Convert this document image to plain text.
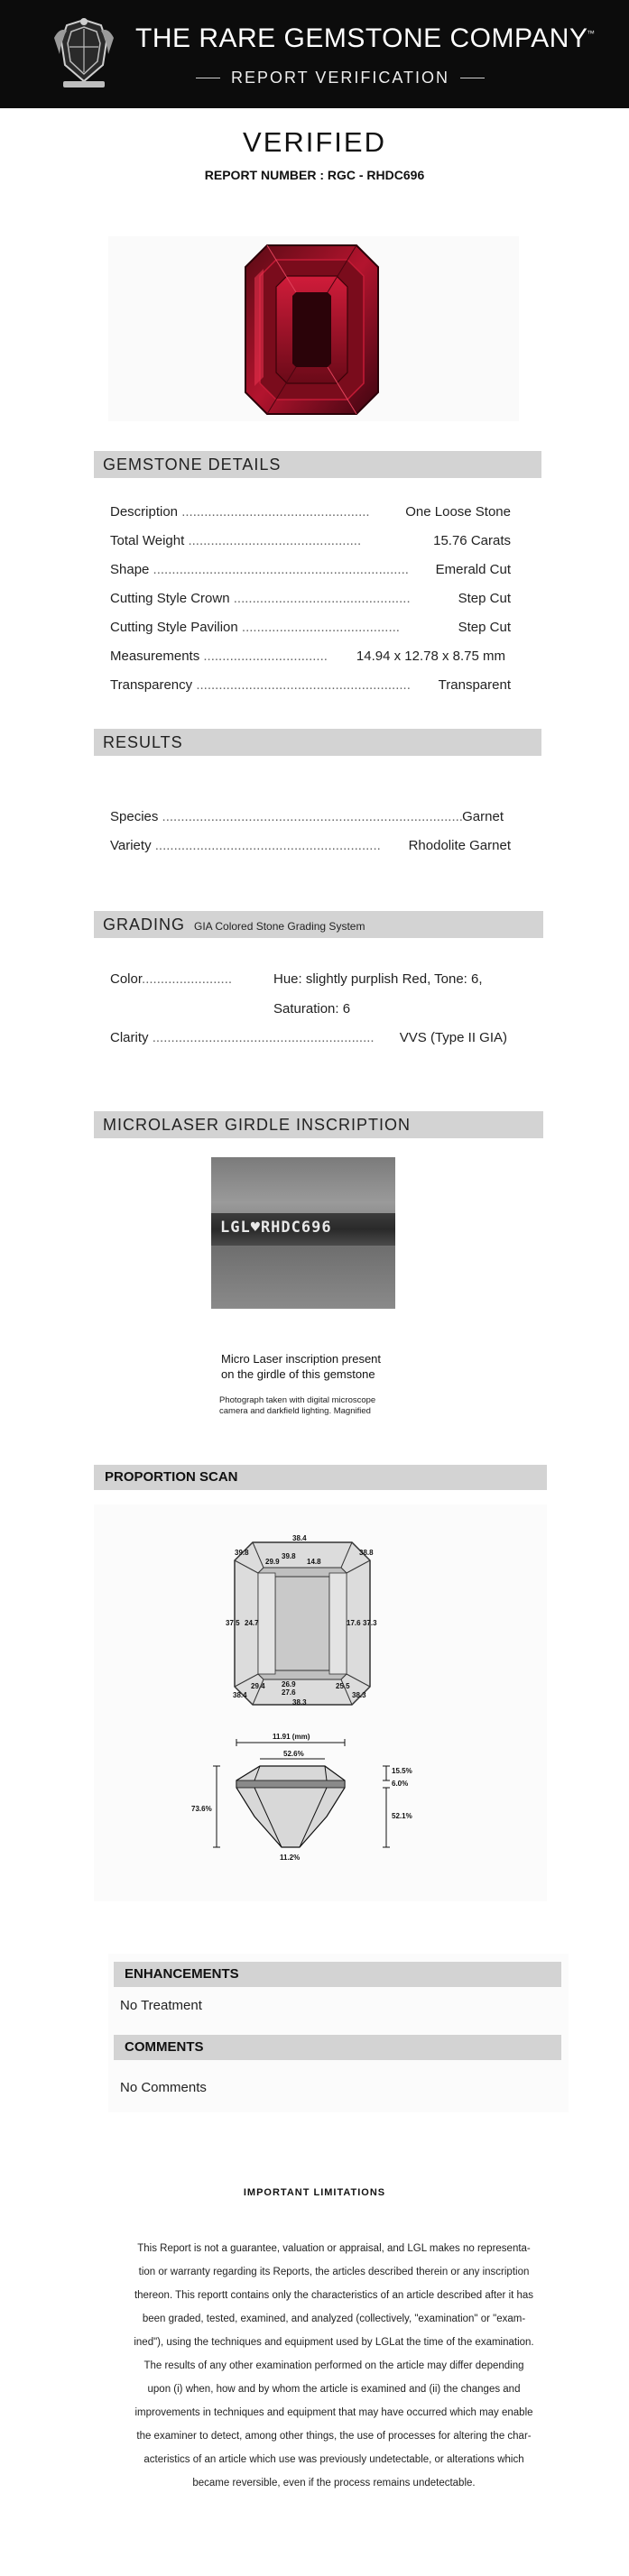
THE RARE GEMSTONE COMPANY
™
REPORT VERIFICATION
VERIFIED
REPORT NUMBER : RGC - RHDC696
GEMSTONE DETAILS
Description ..................................................	One Loose Stone
Total Weight ..............................................	15.76 Carats
Shape .................................................................... Emerald Cut
Cutting Style Crown ...............................................	Step Cut
Cutting Style Pavilion ..........................................	Step Cut
Measurements ................................. 14.94 x 12.78 x 8.75 mm
Transparency ......................................................... Transparent
RESULTS
Species ................................................................................ Garnet
Variety ............................................................ Rhodolite Garnet
GRADING GIA Colored Stone Grading System
Color........................	Hue: slightly purplish Red, Tone: 6,
Saturation: 6
Clarity ........................................................... VVS (Type II GIA)
MICROLASER GIRDLE INSCRIPTION
LGL♥RHDC696
Micro Laser inscription present
on the girdle of this gemstone
Photograph taken with digital microscope
camera and darkfield lighting. Magnified
PROPORTION SCAN
38.4
39.8	39.8	38.8
29.9	14.8
37.5 24.7	17.6 37.3
29.4 26.9	25.5
27.6
38.4
38.3
38.3
11.91 (mm)
52.6%
15.5%
6.0%
52.1%
73.6%
11.2%
ENHANCEMENTS
No Treatment
COMMENTS
No Comments
IMPORTANT LIMITATIONS
This Report is not a guarantee, valuation or appraisal, and LGL makes no representa-
tion or warranty regarding its Reports, the articles described therein or any inscription
thereon. This reportt contains only the characteristics of an article described after it has
been graded, tested, examined, and analyzed (collectively, "examination" or "exam-
ined"), using the techniques and equipment used by LGLat the time of the examination.
The results of any other examination performed on the article may differ depending
upon (i) when, how and by whom the article is examined and (ii) the changes and
improvements in techniques and equipment that may have occurred which may enable
the examiner to detect, among other things, the use of processes for altering the char-
acteristics of an article which use was previously undetectable, or alterations which
became reversible, even if the process remains undetectable.
